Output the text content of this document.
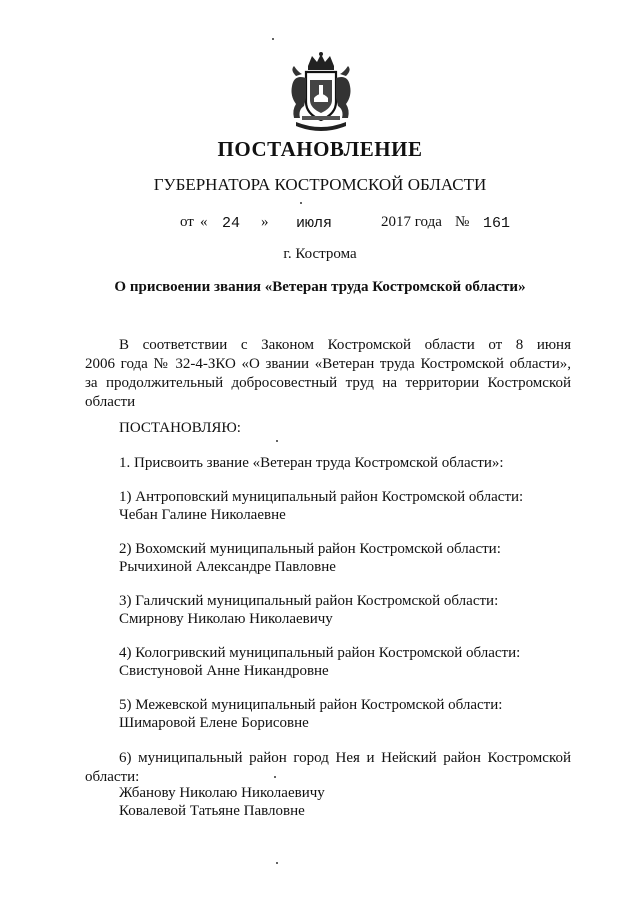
ПОСТАНОВЛЕНИЕ
ГУБЕРНАТОРА КОСТРОМСКОЙ ОБЛАСТИ
от « 24 » июля	2017 года № 161
г. Кострома
О присвоении звания «Ветеран труда Костромской области»
В соответствии с Законом Костромской области от 8 июня
2006 года № 32-4-ЗКО «О звании «Ветеран труда Костромской области»,
за продолжительный добросовестный труд на территории Костромской
области
ПОСТАНОВЛЯЮ:
1. Присвоить звание «Ветеран труда Костромской области»:
1) Антроповский муниципальный район Костромской области:
Чебан Галине Николаевне
2) Вохомский муниципальный район Костромской области:
Рычихиной Александре Павловне
3) Галичский муниципальный район Костромской области:
Смирнову Николаю Николаевичу
4) Кологривский муниципальный район Костромской области:
Свистуновой Анне Никандровне
5) Межевской муниципальный район Костромской области:
Шимаровой Елене Борисовне
6) муниципальный район город Нея и Нейский район Костромской
области:
Жбанову Николаю Николаевичу
Ковалевой Татьяне Павловне
